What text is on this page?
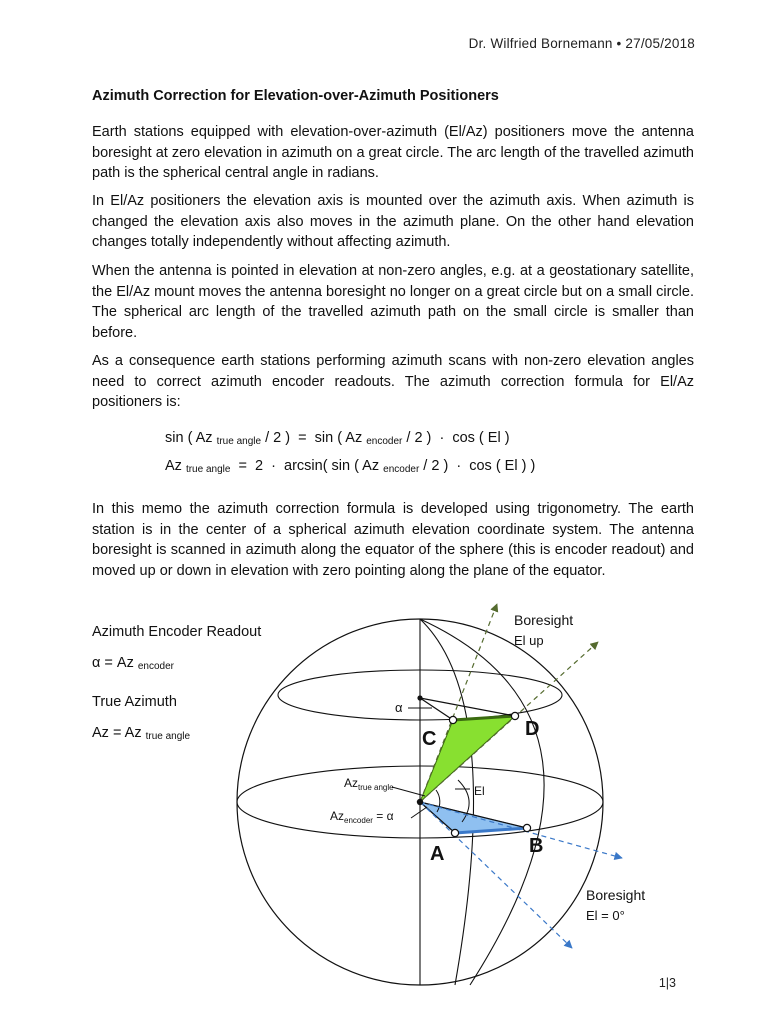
Dr. Wilfried Bornemann • 27/05/2018
Azimuth Correction for Elevation-over-Azimuth Positioners

Earth stations equipped with elevation-over-azimuth (El/Az) positioners move the antenna boresight at zero elevation in azimuth on a great circle. The arc length of the travelled azimuth path is the spherical central angle in radians.

In El/Az positioners the elevation axis is mounted over the azimuth axis. When azimuth is changed the elevation axis also moves in the azimuth plane. On the other hand elevation changes totally independently without affecting azimuth.

When the antenna is pointed in elevation at non-zero angles, e.g. at a geostationary satellite, the El/Az mount moves the antenna boresight no longer on a great circle but on a small circle. The spherical arc length of the travelled azimuth path on the small circle is smaller than before.

As a consequence earth stations performing azimuth scans with non-zero elevation angles need to correct azimuth encoder readouts. The azimuth correction formula for El/Az positioners is:

sin ( Az $_{true angle}$ / 2 )  =  sin ( Az $_{encoder}$ / 2 )  ·  cos ( El )
Az $_{true angle}$  =  2  ·  arcsin( sin ( Az $_{encoder}$ / 2 )  ·  cos ( El ) )

In this memo the azimuth correction formula is developed using trigonometry. The earth station is in the center of a spherical azimuth elevation coordinate system. The antenna boresight is scanned in azimuth along the equator of the sphere (this is encoder readout) and moved up or down in elevation with zero pointing along the plane of the equator.

Azimuth Encoder Readout
α = Az $_{encoder}$
True Azimuth
Az = Az $_{true angle}$
Boresight
El up
α
C	D
$Az_{true angle}$	El
$Az_{encoder} = \alpha$
A	B
Boresight
El = 0°
1|3
